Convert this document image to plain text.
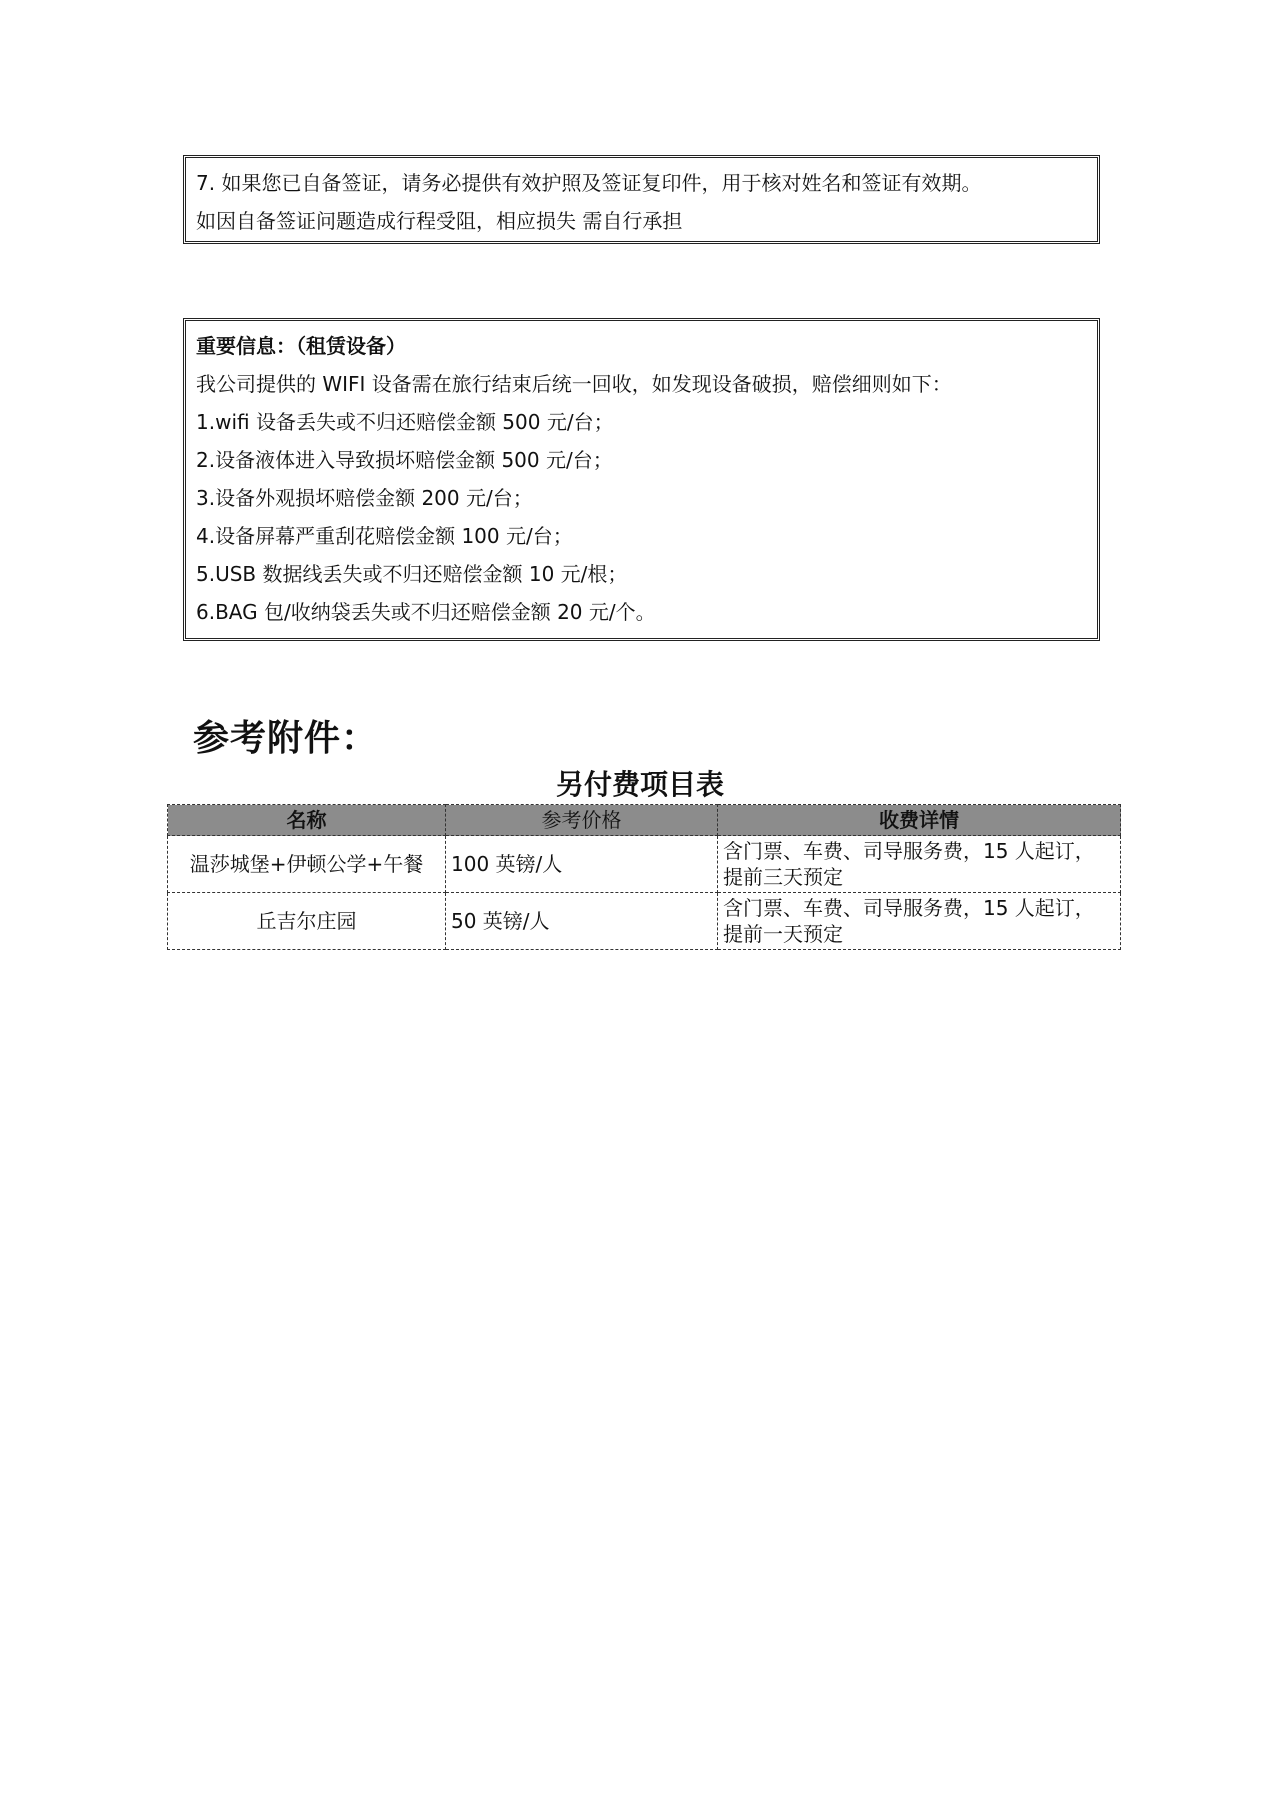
7. 如果您已自备签证，请务必提供有效护照及签证复印件，用于核对姓名和签证有效期。
如因自备签证问题造成行程受阻，相应损失 需自行承担
重要信息：（租赁设备）
我公司提供的 WIFI 设备需在旅行结束后统一回收，如发现设备破损，赔偿细则如下：
1.wifi 设备丢失或不归还赔偿金额 500 元/台；
2.设备液体进入导致损坏赔偿金额 500 元/台；
3.设备外观损坏赔偿金额 200 元/台；
4.设备屏幕严重刮花赔偿金额 100 元/台；
5.USB 数据线丢失或不归还赔偿金额 10 元/根；
6.BAG 包/收纳袋丢失或不归还赔偿金额 20 元/个。
参考附件：
另付费项目表
名称	参考价格	收费详情
温莎城堡+伊顿公学+午餐	100 英镑/人	含门票、车费、司导服务费，15 人起订，
提前三天预定

丘吉尔庄园	50 英镑/人	含门票、车费、司导服务费，15 人起订，
提前一天预定
